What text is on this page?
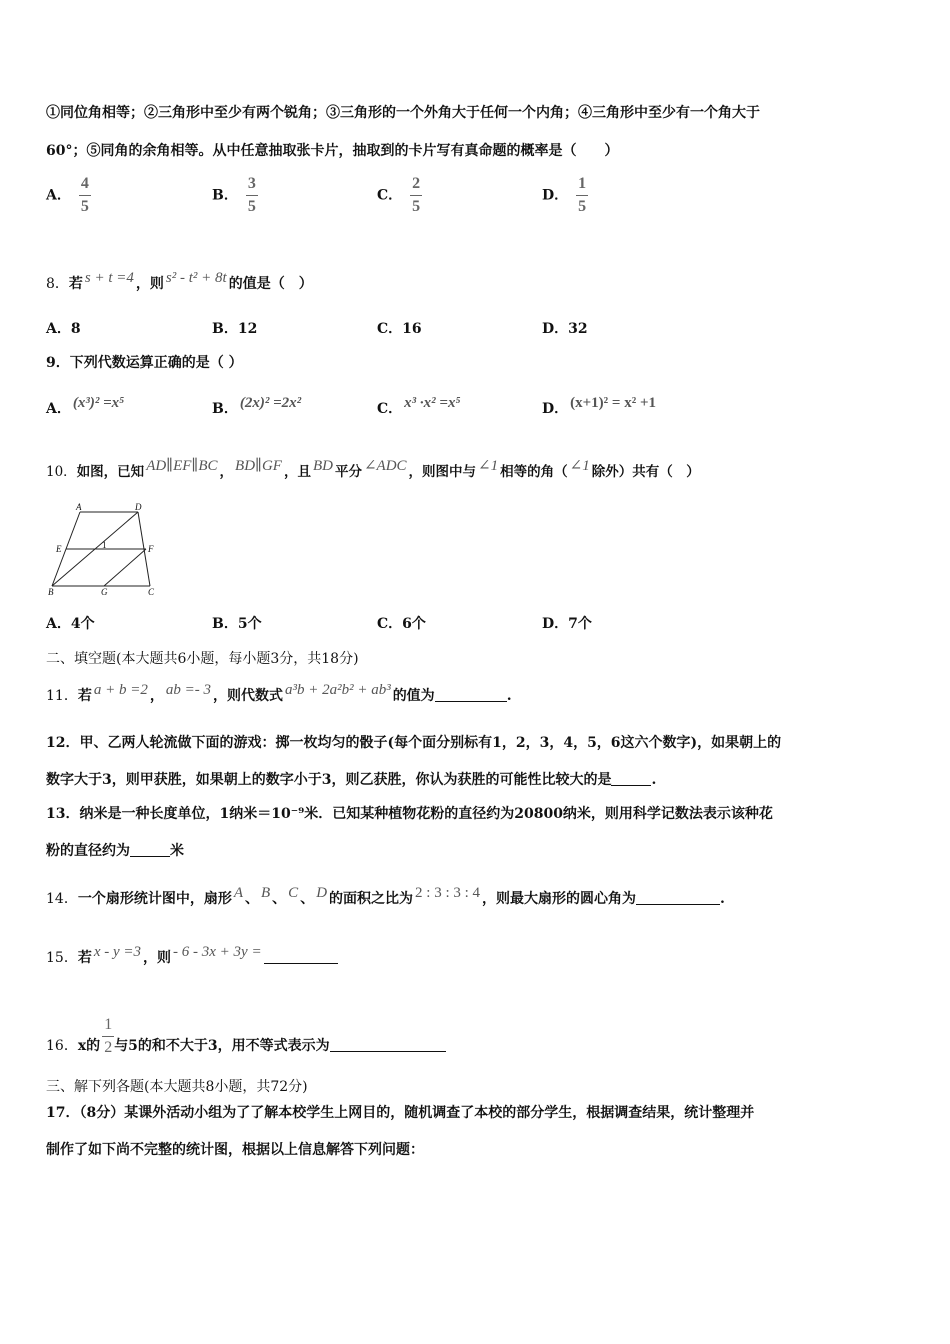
①同位角相等；②三角形中至少有两个锐角；③三角形的一个外角大于任何一个内角；④三角形中至少有一个角大于
60°；⑤同角的余角相等。从中任意抽取张卡片，抽取到的卡片写有真命题的概率是（　　）
A． $\frac{4}{5}$	B． $\frac{3}{5}$	C． $\frac{2}{5}$	D． $\frac{1}{5}$
8．若 s + t =4 ，则 s² - t² + 8t 的值是（　）
A．8	B．12	C．16	D．32
9．下列代数运算正确的是（ ）
A． (x³)² =x⁵	B． (2x)² =2x²	C． x³ ·x² =x⁵	D． (x+1)² = x² +1
10．如图，已知 AD∥EF∥BC ， BD∥GF ，且 BD 平分 ∠ADC ，则图中与 ∠1 相等的角（ ∠1 除外）共有（　）
A	D
E	F
1
B	G	C
A．4个	B．5个	C．6个	D．7个
二、填空题(本大题共6小题，每小题3分，共18分)
11．若 a + b =2 ， ab =- 3 ，则代数式 a³b + 2a²b² + ab³ 的值为	.
12．甲、乙两人轮流做下面的游戏：掷一枚均匀的骰子(每个面分别标有1，2，3，4，5，6这六个数字)，如果朝上的
数字大于3，则甲获胜，如果朝上的数字小于3，则乙获胜，你认为获胜的可能性比较大的是	.
13．纳米是一种长度单位，1纳米＝10⁻⁹米．已知某种植物花粉的直径约为20800纳米，则用科学记数法表示该种花
粉的直径约为	米
14．一个扇形统计图中，扇形 A 、 B 、 C 、 D 的面积之比为 2 : 3 : 3 : 4 ，则最大扇形的圆心角为	.
15．若 x - y =3 ，则 - 6 - 3x + 3y =
16．x的 $\frac{1}{2}$ 与5的和不大于3，用不等式表示为
三、解下列各题(本大题共8小题，共72分)
17．（8分）某课外活动小组为了了解本校学生上网目的，随机调查了本校的部分学生，根据调查结果，统计整理并
制作了如下尚不完整的统计图，根据以上信息解答下列问题：
